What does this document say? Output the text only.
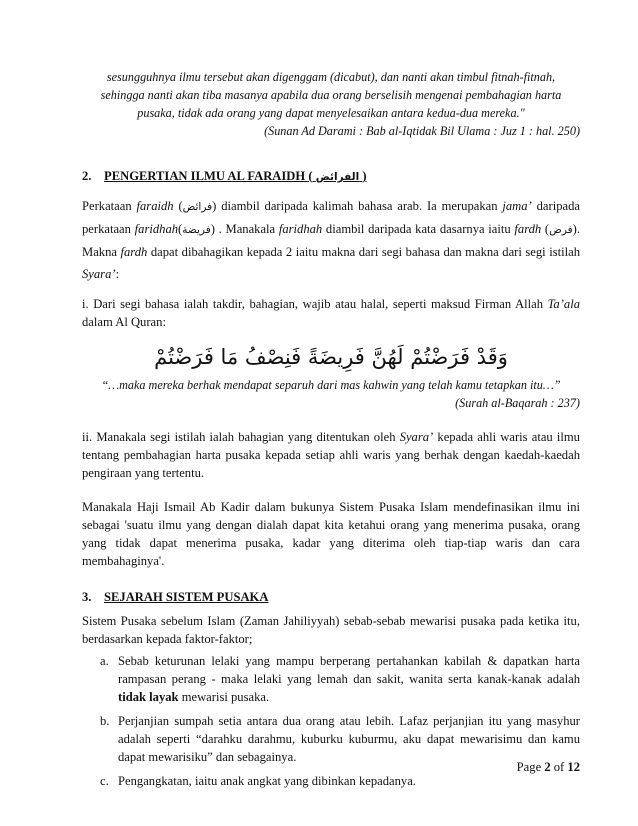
sesungguhnya ilmu tersebut akan digenggam (dicabut), dan nanti akan timbul fitnah-fitnah,

sehingga nanti akan tiba masanya apabila dua orang berselisih mengenai pembahagian harta

pusaka, tidak ada orang yang dapat menyelesaikan antara kedua-dua mereka."

(Sunan Ad Darami : Bab al-Iqtidak Bil Ulama : Juz 1 : hal. 250)

2. PENGERTIAN ILMU AL FARAIDH ( الفرائض )

Perkataan faraidh (فرائض) diambil daripada kalimah bahasa arab. Ia merupakan jama’ daripada perkataan faridhah(فريضة) . Manakala faridhah diambil daripada kata dasarnya iaitu fardh (فرض). Makna fardh dapat dibahagikan kepada 2 iaitu makna dari segi bahasa dan makna dari segi istilah Syara’:

i. Dari segi bahasa ialah takdir, bahagian, wajib atau halal, seperti maksud Firman Allah Ta’ala dalam Al Quran:

وَقَدْ فَرَضْتُمْ لَهُنَّ فَرِيضَةً فَنِصْفُ مَا فَرَضْتُمْ

“…maka mereka berhak mendapat separuh dari mas kahwin yang telah kamu tetapkan itu…”

(Surah al-Baqarah : 237)

ii. Manakala segi istilah ialah bahagian yang ditentukan oleh Syara’ kepada ahli waris atau ilmu tentang pembahagian harta pusaka kepada setiap ahli waris yang berhak dengan kaedah-kaedah pengiraan yang tertentu.

Manakala Haji Ismail Ab Kadir dalam bukunya Sistem Pusaka Islam mendefinasikan ilmu ini sebagai 'suatu ilmu yang dengan dialah dapat kita ketahui orang yang menerima pusaka, orang yang tidak dapat menerima pusaka, kadar yang diterima oleh tiap-tiap waris dan cara membahaginya'.

3. SEJARAH SISTEM PUSAKA

Sistem Pusaka sebelum Islam (Zaman Jahiliyyah) sebab-sebab mewarisi pusaka pada ketika itu, berdasarkan kepada faktor-faktor;

a. Sebab keturunan lelaki yang mampu berperang pertahankan kabilah & dapatkan harta rampasan perang - maka lelaki yang lemah dan sakit, wanita serta kanak-kanak adalah tidak layak mewarisi pusaka.
b. Perjanjian sumpah setia antara dua orang atau lebih. Lafaz perjanjian itu yang masyhur adalah seperti “darahku darahmu, kuburku kuburmu, aku dapat mewarisimu dan kamu dapat mewarisiku” dan sebagainya.
c. Pengangkatan, iaitu anak angkat yang dibinkan kepadanya.
Page 2 of 12
